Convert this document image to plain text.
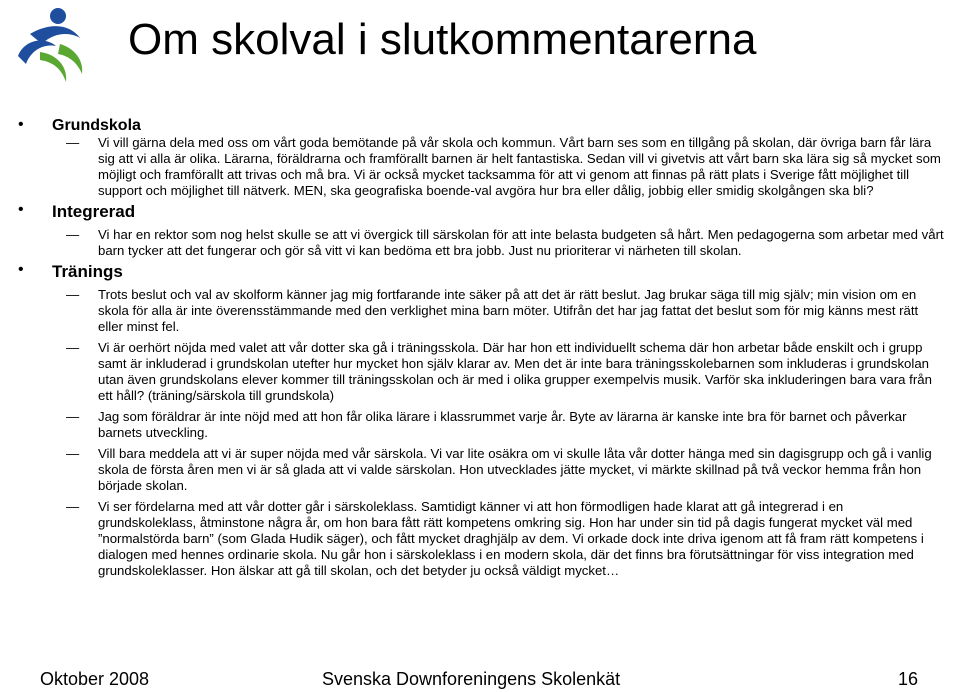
Om skolval i slutkommentarerna
• Grundskola
— Vi vill gärna dela med oss om vårt goda bemötande på vår skola och kommun. Vårt barn ses som en tillgång på skolan, där övriga barn får lära sig att vi alla är olika. Lärarna, föräldrarna och framförallt barnen är helt fantastiska. Sedan vill vi givetvis att vårt barn ska lära sig så mycket som möjligt och framförallt att trivas och må bra. Vi är också mycket tacksamma för att vi genom att finnas på rätt plats i Sverige fått möjlighet till support och möjlighet till nätverk. MEN, ska geografiska boende-val avgöra hur bra eller dålig, jobbig eller smidig skolgången ska bli?
• Integrerad
— Vi har en rektor som nog helst skulle se att vi övergick till särskolan för att inte belasta budgeten så hårt. Men pedagogerna som arbetar med vårt barn tycker att det fungerar och gör så vitt vi kan bedöma ett bra jobb. Just nu prioriterar vi närheten till skolan.
• Tränings
— Trots beslut och val av skolform känner jag mig fortfarande inte säker på att det är rätt beslut. Jag brukar säga till mig själv; min vision om en skola för alla är inte överensstämmande med den verklighet mina barn möter. Utifrån det har jag fattat det beslut som för mig känns mest rätt eller minst fel.
— Vi är oerhört nöjda med valet att vår dotter ska gå i träningsskola. Där har hon ett individuellt schema där hon arbetar både enskilt och i grupp samt är inkluderad i grundskolan utefter hur mycket hon själv klarar av. Men det är inte bara träningsskolebarnen som inkluderas i grundskolan utan även grundskolans elever kommer till träningsskolan och är med i olika grupper exempelvis musik. Varför ska inkluderingen bara vara från ett håll? (träning/särskola till grundskola)
— Jag som föräldrar är inte nöjd med att hon får olika lärare i klassrummet varje år. Byte av lärarna är kanske inte bra för barnet och påverkar barnets utveckling.
— Vill bara meddela att vi är super nöjda med vår särskola. Vi var lite osäkra om vi skulle låta vår dotter hänga med sin dagisgrupp och gå i vanlig skola de första åren men vi är så glada att vi valde särskolan. Hon utvecklades jätte mycket, vi märkte skillnad på två veckor hemma från hon började skolan.
— Vi ser fördelarna med att vår dotter går i särskoleklass. Samtidigt känner vi att hon förmodligen hade klarat att gå integrerad i en grundskoleklass, åtminstone några år, om hon bara fått rätt kompetens omkring sig. Hon har under sin tid på dagis fungerat mycket väl med ”normalstörda barn” (som Glada Hudik säger), och fått mycket draghjälp av dem. Vi orkade dock inte driva igenom att få fram rätt kompetens i dialogen med hennes ordinarie skola. Nu går hon i särskoleklass i en modern skola, där det finns bra förutsättningar för viss integration med grundskoleklasser. Hon älskar att gå till skolan, och det betyder ju också väldigt mycket…
Oktober 2008	Svenska Downforeningens Skolenkät	16
